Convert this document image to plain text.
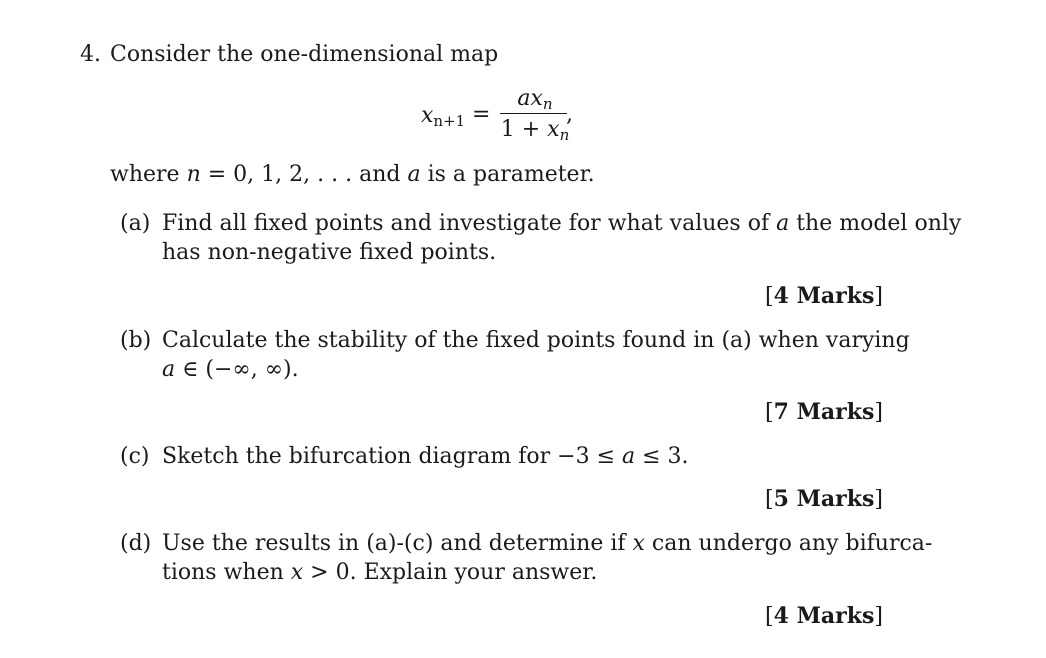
4. Consider the one-dimensional map
$x_{n+1}$ =
$ax_n$
$1 + x_n$
,
where n = 0, 1, 2, . . . and a is a parameter.
(a) Find all fixed points and investigate for what values of a the model only
has non-negative fixed points.
[4 Marks]
(b) Calculate the stability of the fixed points found in (a) when varying
a ∈ (−∞, ∞).
[7 Marks]
(c) Sketch the bifurcation diagram for −3 ≤ a ≤ 3.
[5 Marks]
(d) Use the results in (a)-(c) and determine if x can undergo any bifurca-
tions when x > 0. Explain your answer.
[4 Marks]
